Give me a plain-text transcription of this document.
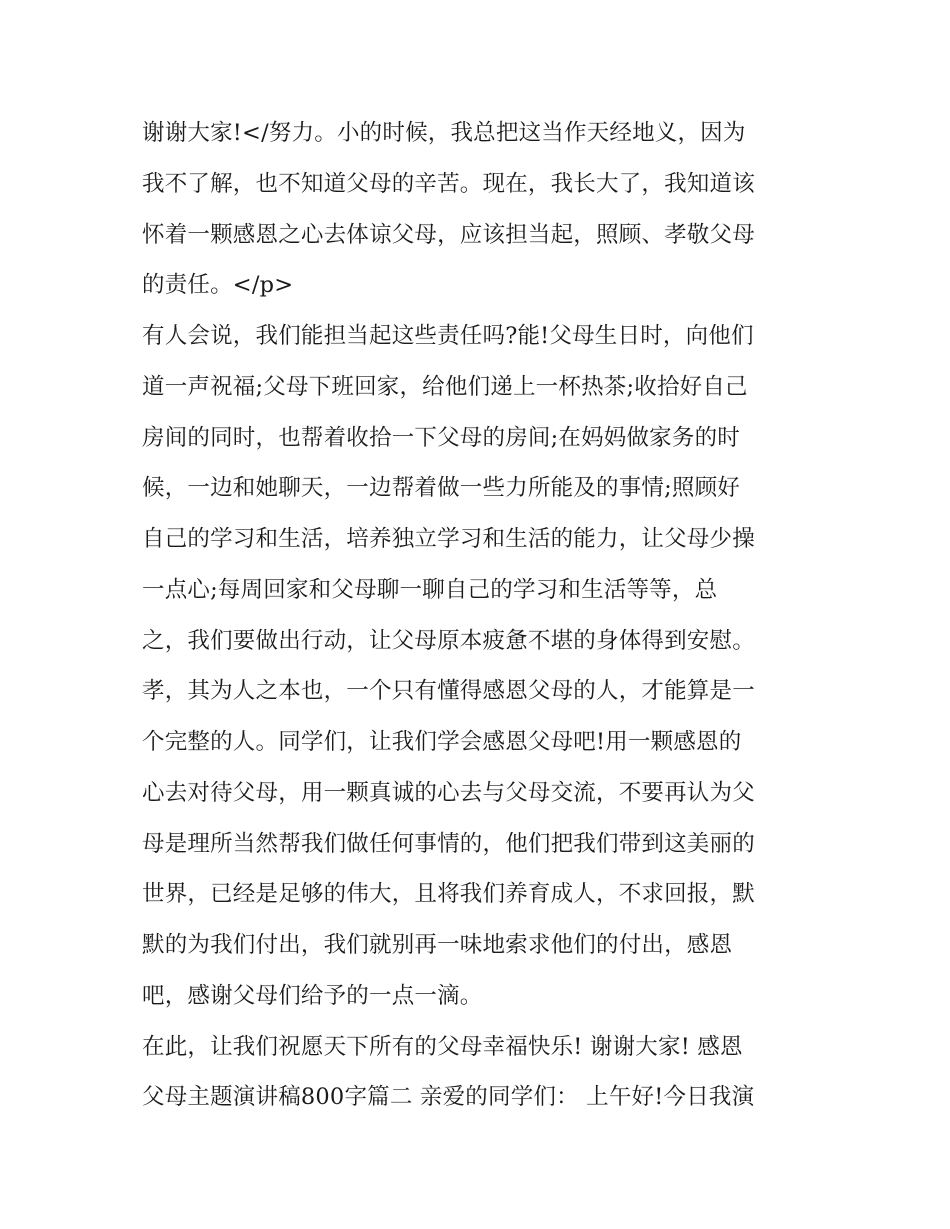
谢谢大家!</努力。小的时候，我总把这当作天经地义，因为
我不了解，也不知道父母的辛苦。现在，我长大了，我知道该
怀着一颗感恩之心去体谅父母，应该担当起，照顾、孝敬父母
的责任。</p>
有人会说，我们能担当起这些责任吗?能!父母生日时，向他们
道一声祝福;父母下班回家，给他们递上一杯热茶;收拾好自己
房间的同时，也帮着收拾一下父母的房间;在妈妈做家务的时
候，一边和她聊天，一边帮着做一些力所能及的事情;照顾好
自己的学习和生活，培养独立学习和生活的能力，让父母少操
一点心;每周回家和父母聊一聊自己的学习和生活等等，总
之，我们要做出行动，让父母原本疲惫不堪的身体得到安慰。
孝，其为人之本也，一个只有懂得感恩父母的人，才能算是一
个完整的人。同学们，让我们学会感恩父母吧!用一颗感恩的
心去对待父母，用一颗真诚的心去与父母交流，不要再认为父
母是理所当然帮我们做任何事情的，他们把我们带到这美丽的
世界，已经是足够的伟大，且将我们养育成人，不求回报，默
默的为我们付出，我们就别再一味地索求他们的付出，感恩
吧，感谢父母们给予的一点一滴。
在此，让我们祝愿天下所有的父母幸福快乐! 谢谢大家! 感恩
父母主题演讲稿800字篇二 亲爱的同学们： 上午好!今日我演
